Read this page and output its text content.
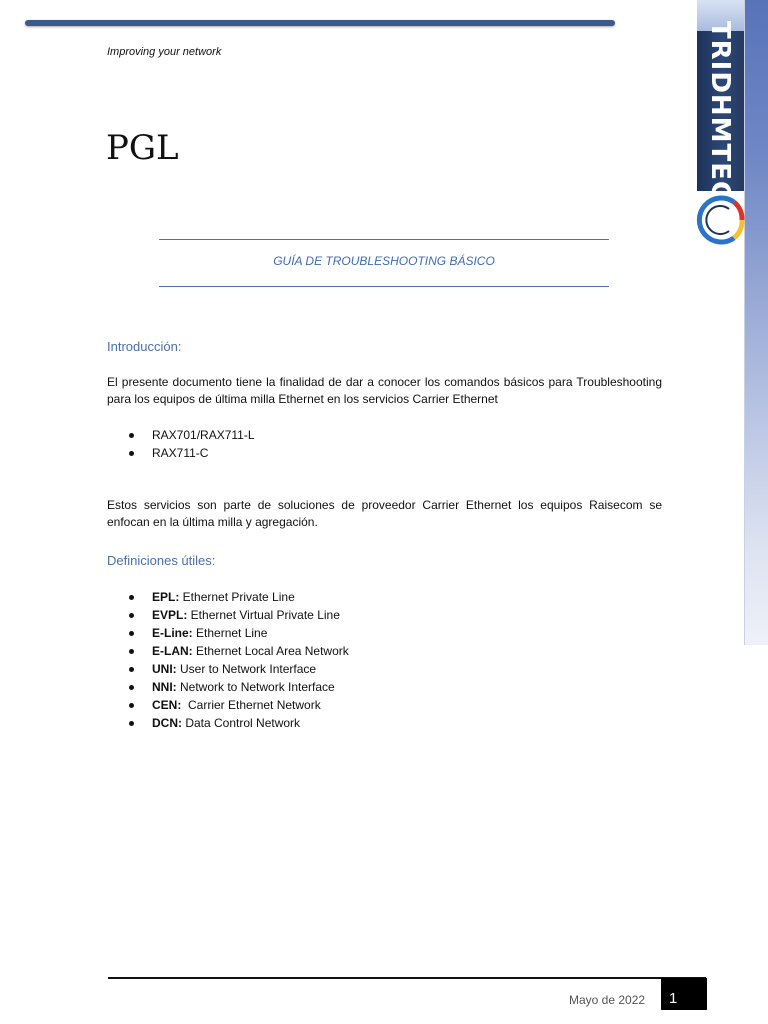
TRIDHMTEC
Improving your network
PGL
GUÍA DE TROUBLESHOOTING BÁSICO
Introducción:
El presente documento tiene la finalidad de dar a conocer los comandos básicos para Troubleshooting para los equipos de última milla Ethernet en los servicios Carrier Ethernet
RAX701/RAX711-L
RAX711-C
Estos servicios son parte de soluciones de proveedor Carrier Ethernet los equipos Raisecom se enfocan en la última milla y agregación.
Definiciones útiles:
EPL: Ethernet Private Line
EVPL: Ethernet Virtual Private Line
E-Line: Ethernet Line
E-LAN: Ethernet Local Area Network
UNI: User to Network Interface
NNI: Network to Network Interface
CEN:  Carrier Ethernet Network
DCN: Data Control Network
Mayo de 2022 1
